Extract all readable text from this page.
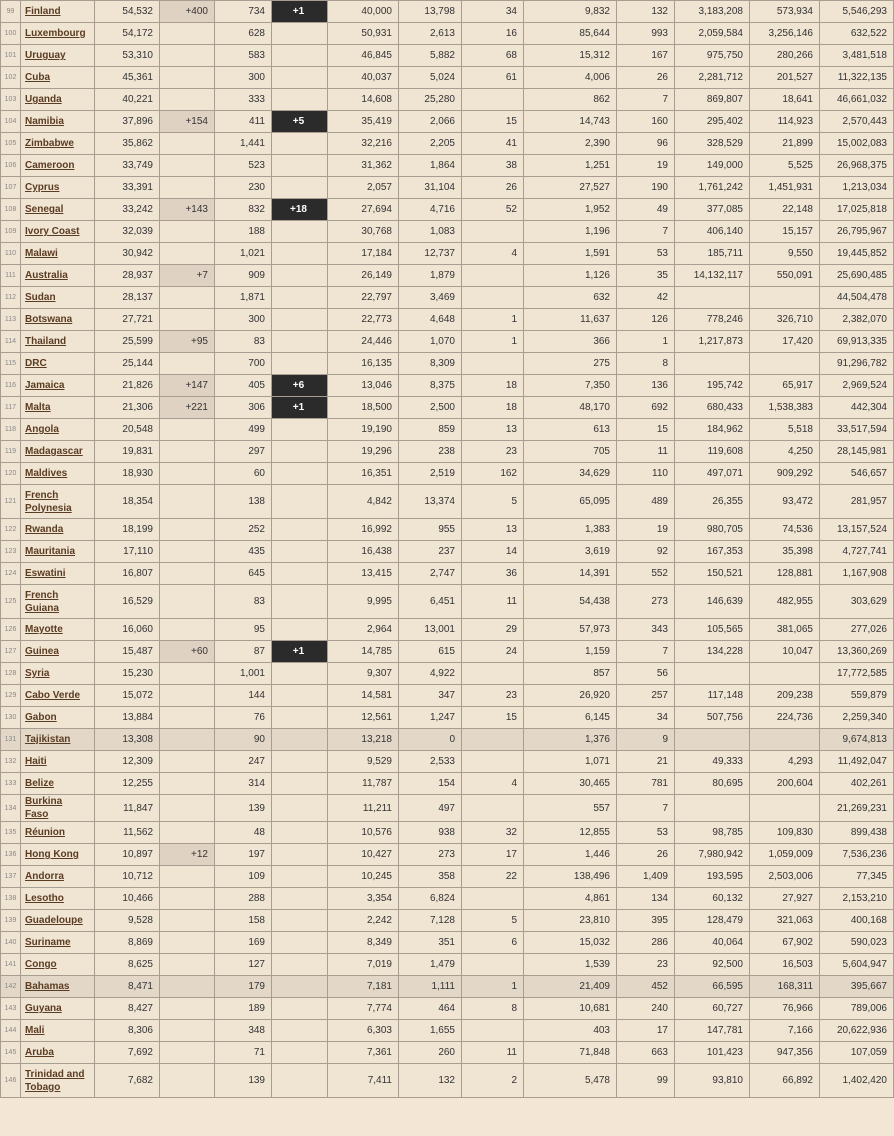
99	Finland	54,532	+400	734	+1	40,000	13,798	34	9,832	132	3,183,208	573,934	5,546,293
100	Luxembourg	54,172		628		50,931	2,613	16	85,644	993	2,059,584	3,256,146	632,522
101	Uruguay	53,310		583		46,845	5,882	68	15,312	167	975,750	280,266	3,481,518
102	Cuba	45,361		300		40,037	5,024	61	4,006	26	2,281,712	201,527	11,322,135
103	Uganda	40,221		333		14,608	25,280		862	7	869,807	18,641	46,661,032
104	Namibia	37,896	+154	411	+5	35,419	2,066	15	14,743	160	295,402	114,923	2,570,443
105	Zimbabwe	35,862		1,441		32,216	2,205	41	2,390	96	328,529	21,899	15,002,083
106	Cameroon	33,749		523		31,362	1,864	38	1,251	19	149,000	5,525	26,968,375
107	Cyprus	33,391		230		2,057	31,104	26	27,527	190	1,761,242	1,451,931	1,213,034
108	Senegal	33,242	+143	832	+18	27,694	4,716	52	1,952	49	377,085	22,148	17,025,818
109	Ivory Coast	32,039		188		30,768	1,083		1,196	7	406,140	15,157	26,795,967
110	Malawi	30,942		1,021		17,184	12,737	4	1,591	53	185,711	9,550	19,445,852
111	Australia	28,937	+7	909		26,149	1,879		1,126	35	14,132,117	550,091	25,690,485
112	Sudan	28,137		1,871		22,797	3,469		632	42			44,504,478
113	Botswana	27,721		300		22,773	4,648	1	11,637	126	778,246	326,710	2,382,070
114	Thailand	25,599	+95	83		24,446	1,070	1	366	1	1,217,873	17,420	69,913,335
115	DRC	25,144		700		16,135	8,309		275	8			91,296,782
116	Jamaica	21,826	+147	405	+6	13,046	8,375	18	7,350	136	195,742	65,917	2,969,524
117	Malta	21,306	+221	306	+1	18,500	2,500	18	48,170	692	680,433	1,538,383	442,304
118	Angola	20,548		499		19,190	859	13	613	15	184,962	5,518	33,517,594
119	Madagascar	19,831		297		19,296	238	23	705	11	119,608	4,250	28,145,981
120	Maldives	18,930		60		16,351	2,519	162	34,629	110	497,071	909,292	546,657
121	French Polynesia	18,354		138		4,842	13,374	5	65,095	489	26,355	93,472	281,957
122	Rwanda	18,199		252		16,992	955	13	1,383	19	980,705	74,536	13,157,524
123	Mauritania	17,110		435		16,438	237	14	3,619	92	167,353	35,398	4,727,741
124	Eswatini	16,807		645		13,415	2,747	36	14,391	552	150,521	128,881	1,167,908
125	French Guiana	16,529		83		9,995	6,451	11	54,438	273	146,639	482,955	303,629
126	Mayotte	16,060		95		2,964	13,001	29	57,973	343	105,565	381,065	277,026
127	Guinea	15,487	+60	87	+1	14,785	615	24	1,159	7	134,228	10,047	13,360,269
128	Syria	15,230		1,001		9,307	4,922		857	56			17,772,585
129	Cabo Verde	15,072		144		14,581	347	23	26,920	257	117,148	209,238	559,879
130	Gabon	13,884		76		12,561	1,247	15	6,145	34	507,756	224,736	2,259,340
131	Tajikistan	13,308		90		13,218	0		1,376	9			9,674,813
132	Haiti	12,309		247		9,529	2,533		1,071	21	49,333	4,293	11,492,047
133	Belize	12,255		314		11,787	154	4	30,465	781	80,695	200,604	402,261
134	Burkina Faso	11,847		139		11,211	497		557	7			21,269,231
135	Réunion	11,562		48		10,576	938	32	12,855	53	98,785	109,830	899,438
136	Hong Kong	10,897	+12	197		10,427	273	17	1,446	26	7,980,942	1,059,009	7,536,236
137	Andorra	10,712		109		10,245	358	22	138,496	1,409	193,595	2,503,006	77,345
138	Lesotho	10,466		288		3,354	6,824		4,861	134	60,132	27,927	2,153,210
139	Guadeloupe	9,528		158		2,242	7,128	5	23,810	395	128,479	321,063	400,168
140	Suriname	8,869		169		8,349	351	6	15,032	286	40,064	67,902	590,023
141	Congo	8,625		127		7,019	1,479		1,539	23	92,500	16,503	5,604,947
142	Bahamas	8,471		179		7,181	1,111	1	21,409	452	66,595	168,311	395,667
143	Guyana	8,427		189		7,774	464	8	10,681	240	60,727	76,966	789,006
144	Mali	8,306		348		6,303	1,655		403	17	147,781	7,166	20,622,936
145	Aruba	7,692		71		7,361	260	11	71,848	663	101,423	947,356	107,059
146	Trinidad and Tobago	7,682		139		7,411	132	2	5,478	99	93,810	66,892	1,402,420
